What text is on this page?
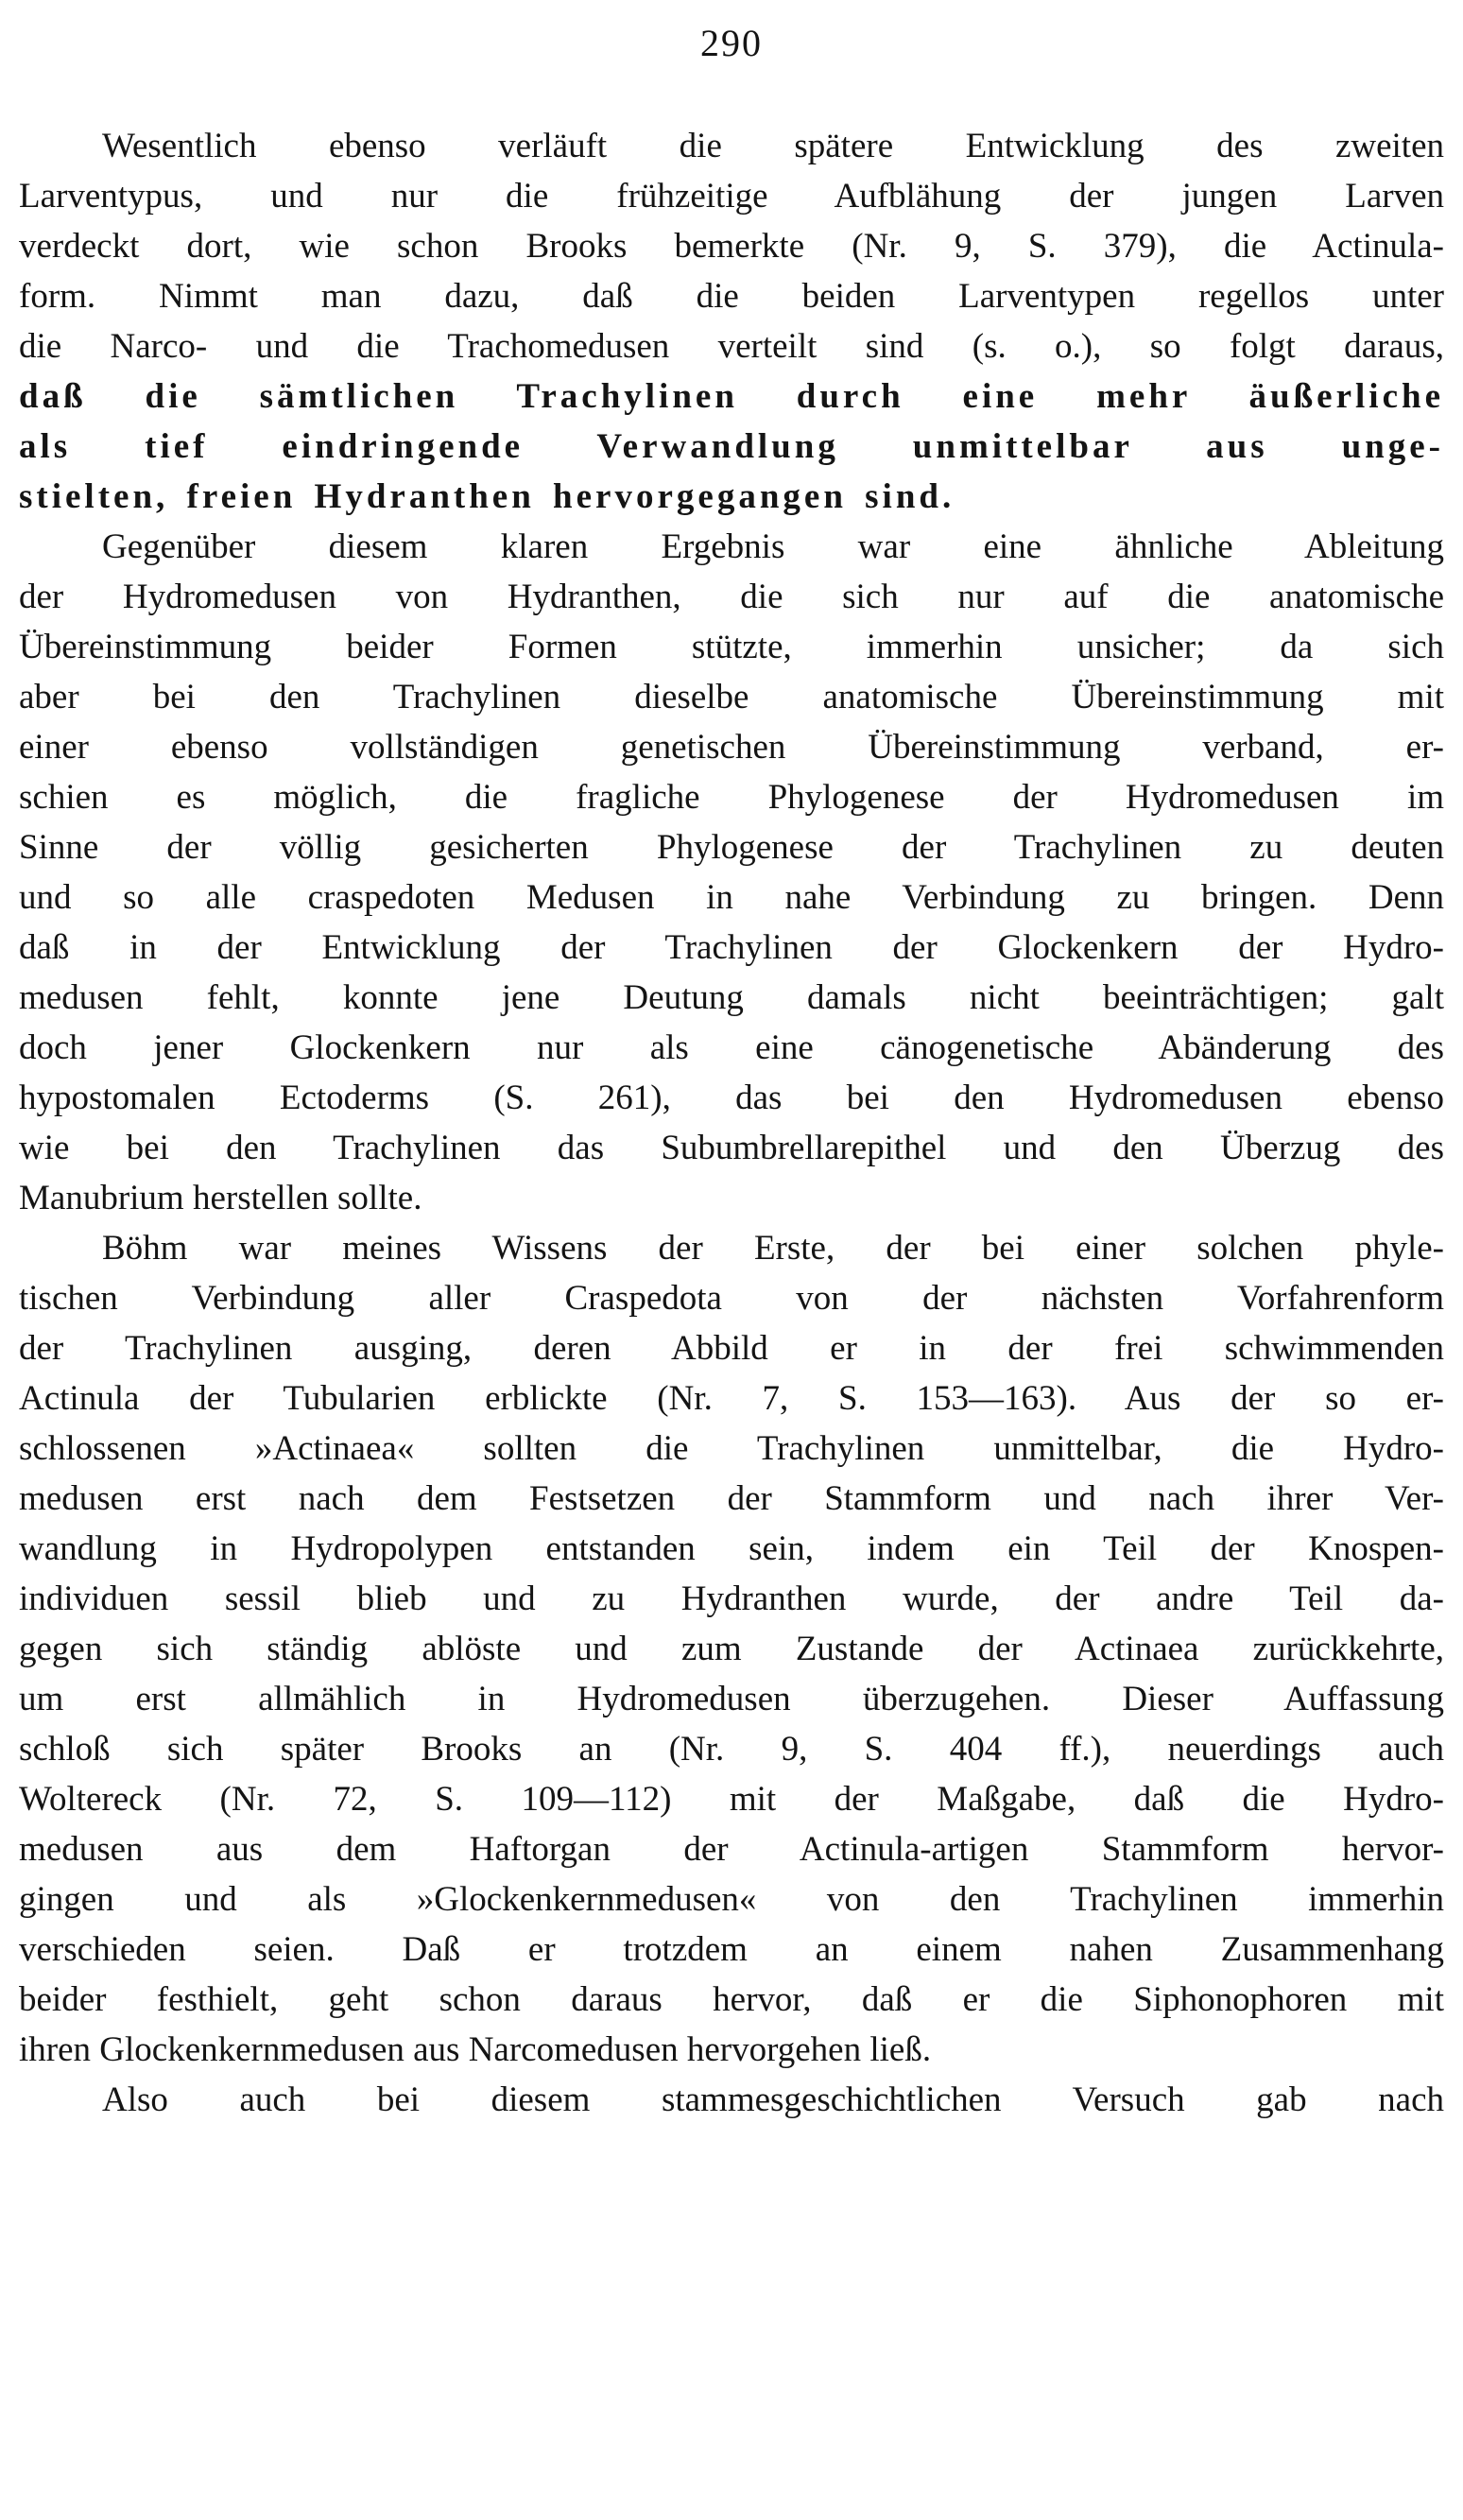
290
Wesentlich ebenso verläuft die spätere Entwicklung des zweiten
Larventypus, und nur die frühzeitige Aufblähung der jungen Larven
verdeckt dort, wie schon Brooks bemerkte (Nr. 9, S. 379), die Actinula-
form. Nimmt man dazu, daß die beiden Larventypen regellos unter
die Narco- und die Trachomedusen verteilt sind (s. o.), so folgt daraus,
daß die sämtlichen Trachylinen durch eine mehr äußerliche
als tief eindringende Verwandlung unmittelbar aus unge-
stielten, freien Hydranthen hervorgegangen sind.
Gegenüber diesem klaren Ergebnis war eine ähnliche Ableitung
der Hydromedusen von Hydranthen, die sich nur auf die anatomische
Übereinstimmung beider Formen stützte, immerhin unsicher; da sich
aber bei den Trachylinen dieselbe anatomische Übereinstimmung mit
einer ebenso vollständigen genetischen Übereinstimmung verband, er-
schien es möglich, die fragliche Phylogenese der Hydromedusen im
Sinne der völlig gesicherten Phylogenese der Trachylinen zu deuten
und so alle craspedoten Medusen in nahe Verbindung zu bringen. Denn
daß in der Entwicklung der Trachylinen der Glockenkern der Hydro-
medusen fehlt, konnte jene Deutung damals nicht beeinträchtigen; galt
doch jener Glockenkern nur als eine cänogenetische Abänderung des
hypostomalen Ectoderms (S. 261), das bei den Hydromedusen ebenso
wie bei den Trachylinen das Subumbrellarepithel und den Überzug des
Manubrium herstellen sollte.
Böhm war meines Wissens der Erste, der bei einer solchen phyle-
tischen Verbindung aller Craspedota von der nächsten Vorfahrenform
der Trachylinen ausging, deren Abbild er in der frei schwimmenden
Actinula der Tubularien erblickte (Nr. 7, S. 153—163). Aus der so er-
schlossenen »Actinaea« sollten die Trachylinen unmittelbar, die Hydro-
medusen erst nach dem Festsetzen der Stammform und nach ihrer Ver-
wandlung in Hydropolypen entstanden sein, indem ein Teil der Knospen-
individuen sessil blieb und zu Hydranthen wurde, der andre Teil da-
gegen sich ständig ablöste und zum Zustande der Actinaea zurückkehrte,
um erst allmählich in Hydromedusen überzugehen. Dieser Auffassung
schloß sich später Brooks an (Nr. 9, S. 404 ff.), neuerdings auch
Woltereck (Nr. 72, S. 109—112) mit der Maßgabe, daß die Hydro-
medusen aus dem Haftorgan der Actinula-artigen Stammform hervor-
gingen und als »Glockenkernmedusen« von den Trachylinen immerhin
verschieden seien. Daß er trotzdem an einem nahen Zusammenhang
beider festhielt, geht schon daraus hervor, daß er die Siphonophoren mit
ihren Glockenkernmedusen aus Narcomedusen hervorgehen ließ.
Also auch bei diesem stammesgeschichtlichen Versuch gab nach
